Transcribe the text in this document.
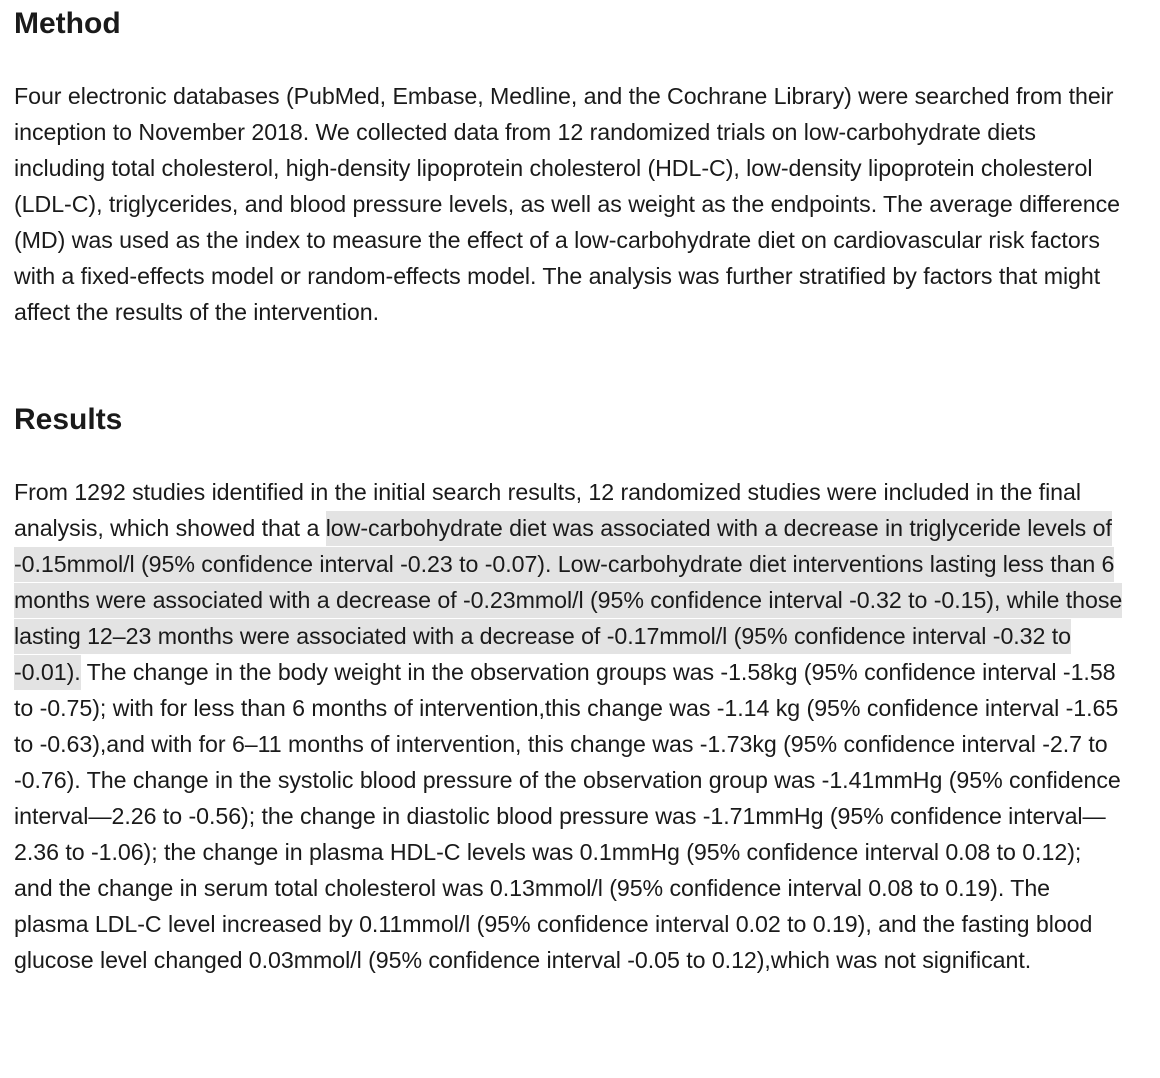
Method

Four electronic databases (PubMed, Embase, Medline, and the Cochrane Library) were searched from their inception to November 2018. We collected data from 12 randomized trials on low-carbohydrate diets including total cholesterol, high-density lipoprotein cholesterol (HDL-C), low-density lipoprotein cholesterol (LDL-C), triglycerides, and blood pressure levels, as well as weight as the endpoints. The average difference (MD) was used as the index to measure the effect of a low-carbohydrate diet on cardiovascular risk factors with a fixed-effects model or random-effects model. The analysis was further stratified by factors that might affect the results of the intervention.

Results

From 1292 studies identified in the initial search results, 12 randomized studies were included in the final analysis, which showed that a low-carbohydrate diet was associated with a decrease in triglyceride levels of -0.15mmol/l (95% confidence interval -0.23 to -0.07). Low-carbohydrate diet interventions lasting less than 6 months were associated with a decrease of -0.23mmol/l (95% confidence interval -0.32 to -0.15), while those lasting 12–23 months were associated with a decrease of -0.17mmol/l (95% confidence interval -0.32 to -0.01). The change in the body weight in the observation groups was -1.58kg (95% confidence interval -1.58 to -0.75); with for less than 6 months of intervention,this change was -1.14 kg (95% confidence interval -1.65 to -0.63),and with for 6–11 months of intervention, this change was -1.73kg (95% confidence interval -2.7 to -0.76). The change in the systolic blood pressure of the observation group was -1.41mmHg (95% confidence interval—2.26 to -0.56); the change in diastolic blood pressure was -1.71mmHg (95% confidence interval—2.36 to -1.06); the change in plasma HDL-C levels was 0.1mmHg (95% confidence interval 0.08 to 0.12); and the change in serum total cholesterol was 0.13mmol/l (95% confidence interval 0.08 to 0.19). The plasma LDL-C level increased by 0.11mmol/l (95% confidence interval 0.02 to 0.19), and the fasting blood glucose level changed 0.03mmol/l (95% confidence interval -0.05 to 0.12),which was not significant.
